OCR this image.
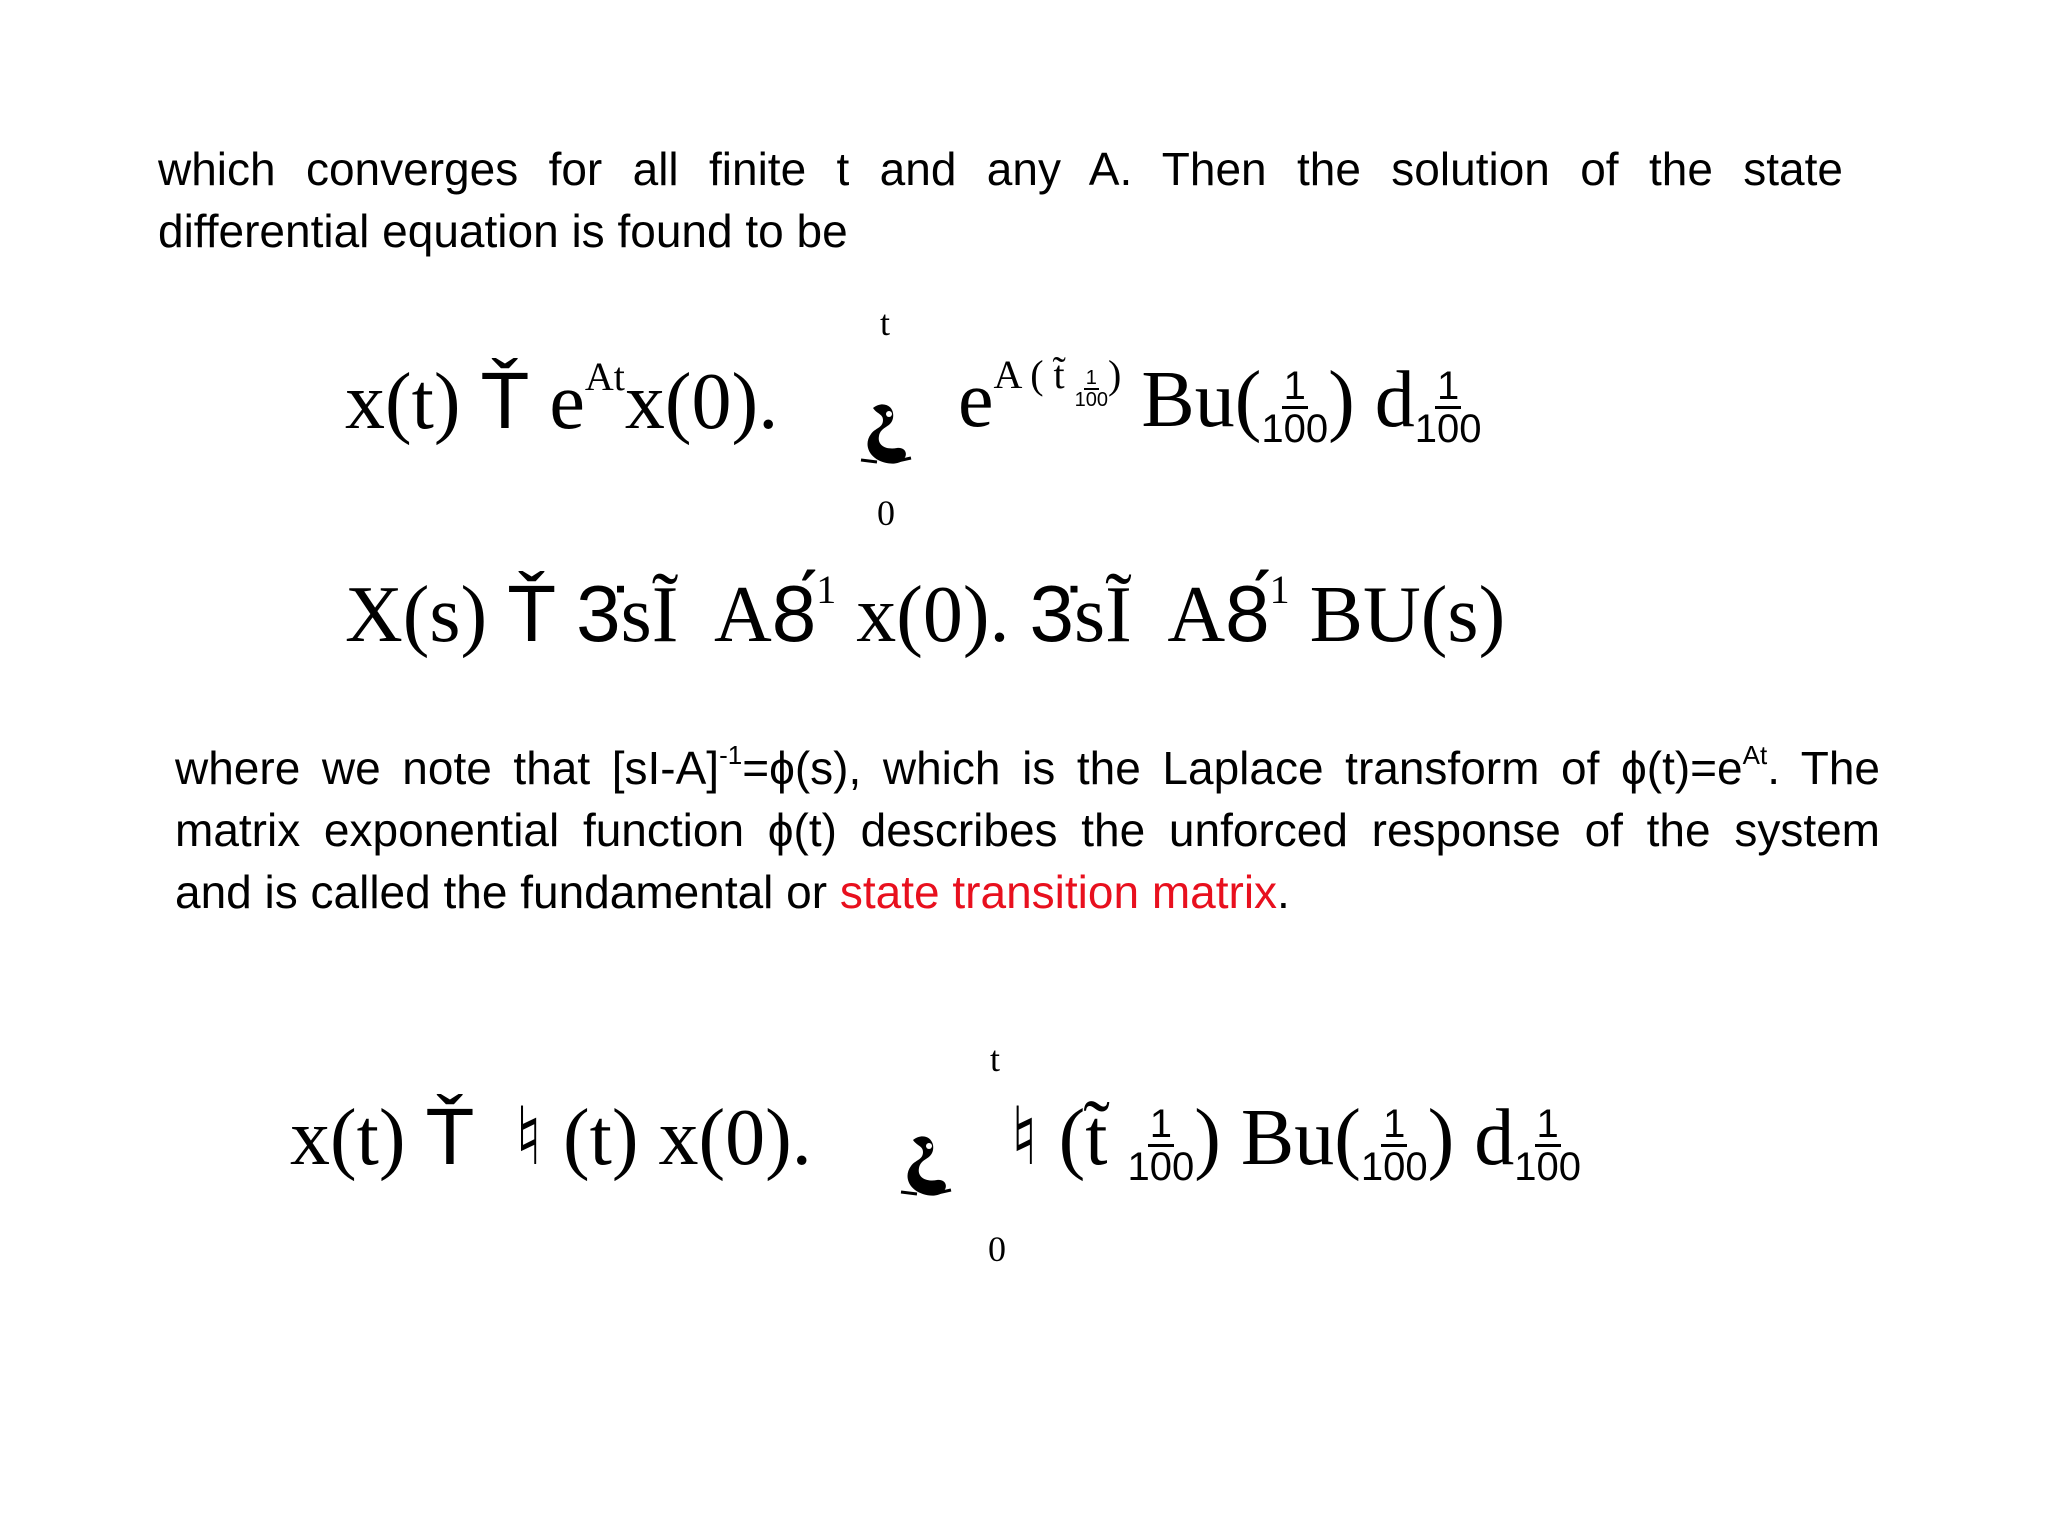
which converges for all finite t and any A. Then the solution of the state
differential equation is found to be
t
0
x(t) Ť $e^{At}x(0)$. $e^{A ( t̃ \frac{1}{100} )}$ $Bu( \frac{1}{100}$ ) d $\frac{1}{100}$
X(s) Ť 3̇sĨ A8́$^1$ x(0). 3̇sĨ A8́$^1$ BU(s)
where we note that $[sI-A]^{-1}=\phi(s)$, which is the Laplace transform of $\phi(t)=e^{At}$. The
matrix exponential function ϕ(t) describes the unforced response of the system
and is called the fundamental or state transition matrix.
t
0
x(t) Ť ♮ (t) x(0). ♮ (t̃ $\frac{1}{100}$ ) $Bu( \frac{1}{100}$ ) d $\frac{1}{100}$
